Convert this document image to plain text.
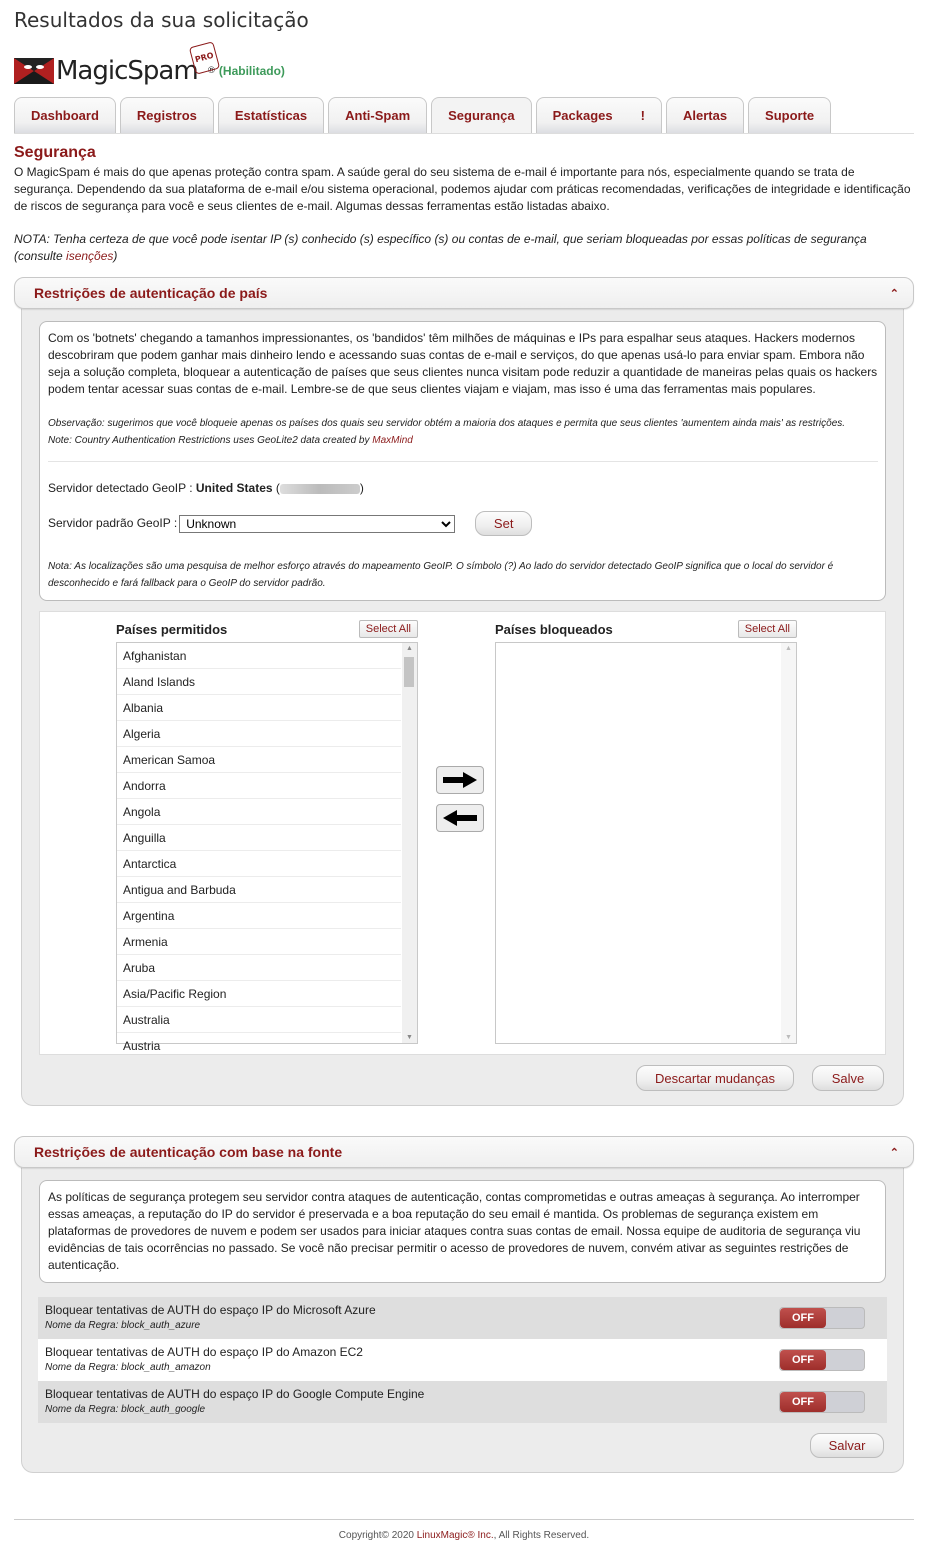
Resultados da sua solicitação
MagicSpam
PRO
® (Habilitado)
Dashboard	Registros	Estatísticas	Anti-Spam	Segurança	Packages !	Alertas	Suporte
Segurança

O MagicSpam é mais do que apenas proteção contra spam. A saúde geral do seu sistema de e-mail é importante para nós, especialmente quando se trata de segurança. Dependendo da sua plataforma de e-mail e/ou sistema operacional, podemos ajudar com práticas recomendadas, verificações de integridade e identificação de riscos de segurança para você e seus clientes de e-mail. Algumas dessas ferramentas estão listadas abaixo.

NOTA: Tenha certeza de que você pode isentar IP (s) conhecido (s) específico (s) ou contas de e-mail, que seriam bloqueadas por essas políticas de segurança (consulte isenções)

Restrições de autenticação de país	⌃
Com os 'botnets' chegando a tamanhos impressionantes, os 'bandidos' têm milhões de máquinas e IPs para espalhar seus ataques. Hackers modernos descobriram que podem ganhar mais dinheiro lendo e acessando suas contas de e-mail e serviços, do que apenas usá-lo para enviar spam. Embora não seja a solução completa, bloquear a autenticação de países que seus clientes nunca visitam pode reduzir a quantidade de maneiras pelas quais os hackers podem tentar acessar suas contas de e-mail. Lembre-se de que seus clientes viajam e viajam, mas isso é uma das ferramentas mais populares.
Observação: sugerimos que você bloqueie apenas os países dos quais seu servidor obtém a maioria dos ataques e permita que seus clientes 'aumentem ainda mais' as restrições.
Note: Country Authentication Restrictions uses GeoLite2 data created by MaxMind
Servidor detectado GeoIP :
United States (	)
Servidor padrão GeoIP :
Unknown	Set
Nota: As localizações são uma pesquisa de melhor esforço através do mapeamento GeoIP. O símbolo (?) Ao lado do servidor detectado GeoIP significa que o local do servidor é desconhecido e fará fallback para o GeoIP do servidor padrão.
Países permitidos	Select All
Afghanistan
Aland Islands
Albania
Algeria
American Samoa
Andorra
Angola
Anguilla
Antarctica
Antigua and Barbuda
Argentina
Armenia
Aruba
Asia/Pacific Region
Australia
Austria
▲
▼
Países bloqueados	Select All
▲
▼
Descartar mudanças	Salve
Restrições de autenticação com base na fonte	⌃
As políticas de segurança protegem seu servidor contra ataques de autenticação, contas comprometidas e outras ameaças à segurança. Ao interromper essas ameaças, a reputação do IP do servidor é preservada e a boa reputação do seu email é mantida. Os problemas de segurança existem em plataformas de provedores de nuvem e podem ser usados para iniciar ataques contra suas contas de email. Nossa equipe de auditoria de segurança viu evidências de tais ocorrências no passado. Se você não precisar permitir o acesso de provedores de nuvem, convém ativar as seguintes restrições de autenticação.
Bloquear tentativas de AUTH do espaço IP do Microsoft Azure
Nome da Regra: block_auth_azure
OFF
Bloquear tentativas de AUTH do espaço IP do Amazon EC2
Nome da Regra: block_auth_amazon
OFF
Bloquear tentativas de AUTH do espaço IP do Google Compute Engine
Nome da Regra: block_auth_google
OFF
Salvar
Copyright© 2020 LinuxMagic® Inc., All Rights Reserved.
